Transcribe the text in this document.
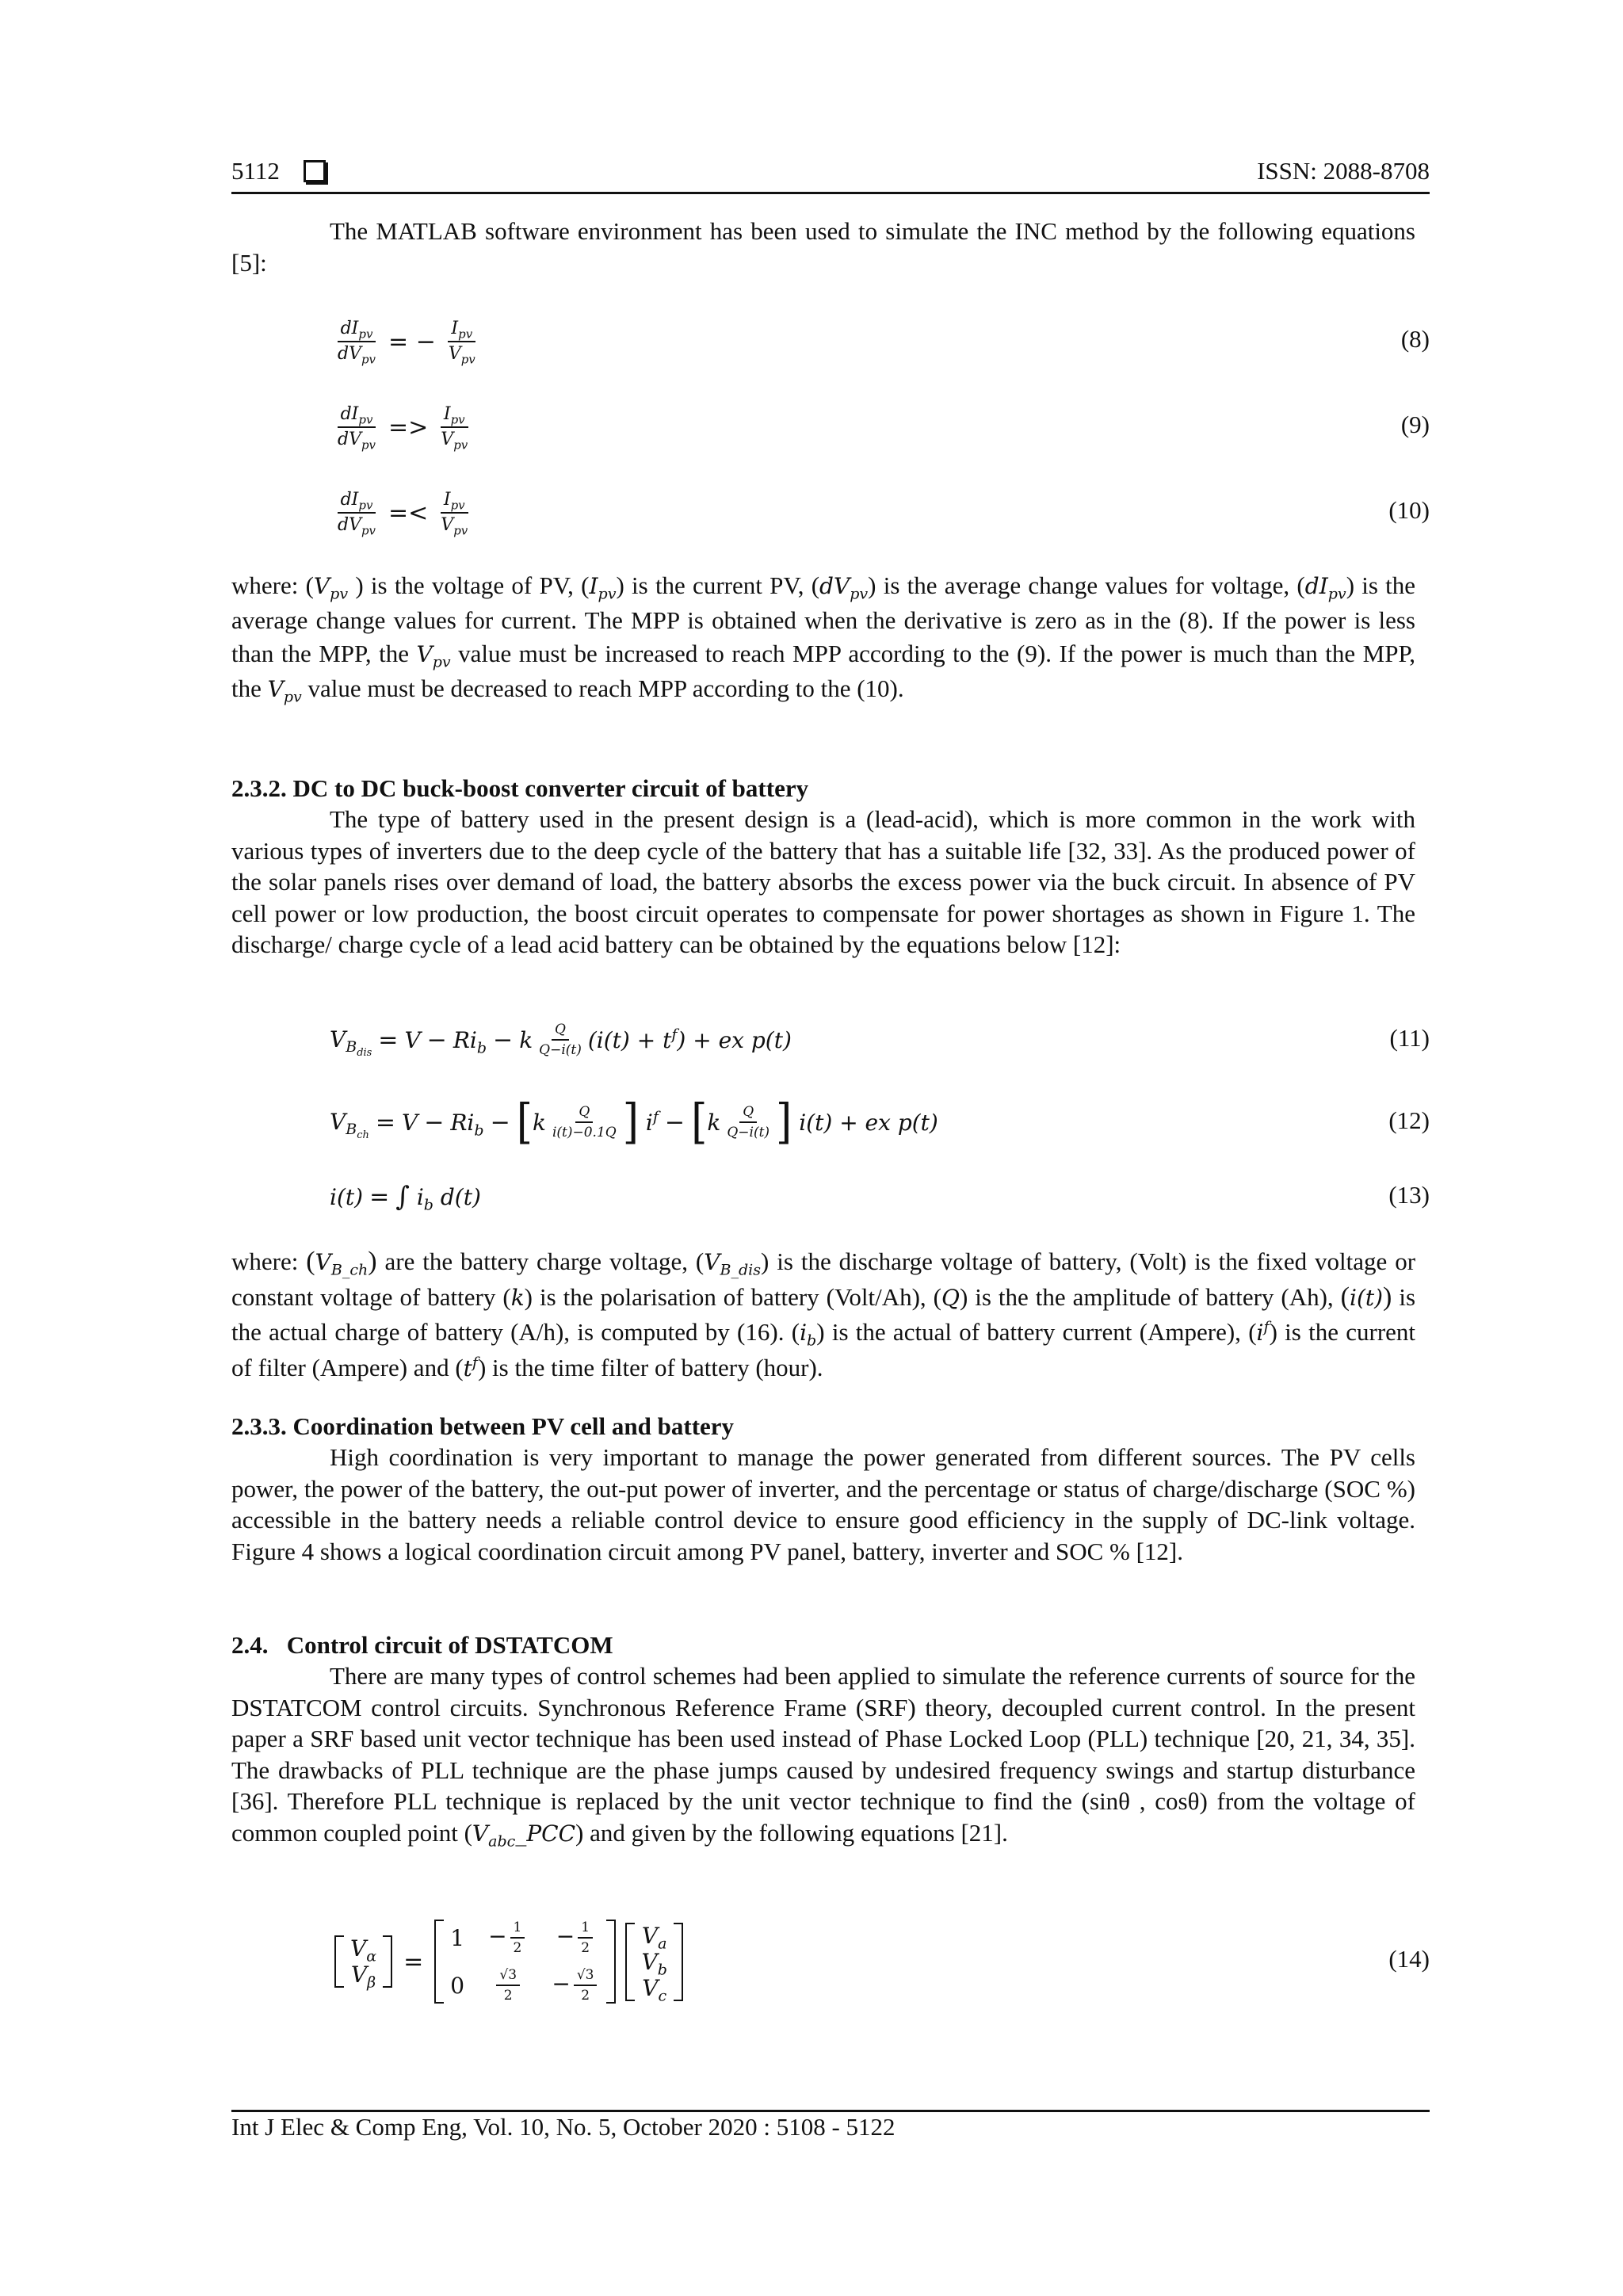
5112	ISSN: 2088-8708

The MATLAB software environment has been used to simulate the INC method by the following equations [5]:

$\frac{dI_{pv}}{dV_{pv}}$ = − $\frac{I_{pv}}{V_{pv}}$	(8)
$\frac{dI_{pv}}{dV_{pv}} => \frac{I_{pv}}{V_{pv}}$	(9)
$\frac{dI_{pv}}{dV_{pv}} =< \frac{I_{pv}}{V_{pv}}$	(10)

where: ($V_{pv}$ ) is the voltage of PV, $(I_{pv})$ is the current PV, $(dV_{pv})$ is the average change values for voltage, $(dI_{pv})$ is the average change values for current. The MPP is obtained when the derivative is zero as in the (8). If the power is less than the MPP, the $V_{pv}$ value must be increased to reach MPP according to the (9). If the power is much than the MPP, the $V_{pv}$ value must be decreased to reach MPP according to the (10).

2.3.2. DC to DC buck-boost converter circuit of battery

The type of battery used in the present design is a (lead-acid), which is more common in the work with various types of inverters due to the deep cycle of the battery that has a suitable life [32, 33]. As the produced power of the solar panels rises over demand of load, the battery absorbs the excess power via the buck circuit. In absence of PV cell power or low production, the boost circuit operates to compensate for power shortages as shown in Figure 1. The discharge/ charge cycle of a lead acid battery can be obtained by the equations below [12]:

$V_{B_{dis}} = V - Ri_b - k \frac{Q}{Q-i(t)} (i(t) + t^f)$ + ex p(t)	(11)
$V_{B_{ch}} = V - Ri_b$ − [ k $\frac{Q}{i(t)-0.1Q}$ ] $i^f$ − [ k $\frac{Q}{Q-i(t)}$ ] i(t) + ex p(t)	(12)
i(t) = ∫ $i_b$ d(t)	(13)

where: $(V_{B\_ch})$ are the battery charge voltage, $(V_{B\_dis})$ is the discharge voltage of battery, (Volt) is the fixed voltage or constant voltage of battery (k) is the polarisation of battery (Volt/Ah), (Q) is the the amplitude of battery (Ah), (i(t)) is the actual charge of battery (A/h), is computed by (16). $(i_b)$ is the actual of battery current (Ampere), $(i^f)$ is the current of filter (Ampere) and $(t^f)$ is the time filter of battery (hour).

2.3.3. Coordination between PV cell and battery

High coordination is very important to manage the power generated from different sources. The PV cells power, the power of the battery, the out-put power of inverter, and the percentage or status of charge/discharge (SOC %) accessible in the battery needs a reliable control device to ensure good efficiency in the supply of DC-link voltage. Figure 4 shows a logical coordination circuit among PV panel, battery, inverter and SOC % [12].

2.4.   Control circuit of DSTATCOM

There are many types of control schemes had been applied to simulate the reference currents of source for the DSTATCOM control circuits. Synchronous Reference Frame (SRF) theory, decoupled current control. In the present paper a SRF based unit vector technique has been used instead of Phase Locked Loop (PLL) technique [20, 21, 34, 35]. The drawbacks of PLL technique are the phase jumps caused by undesired frequency swings and startup disturbance [36]. Therefore PLL technique is replaced by the unit vector technique to find the (sinθ , cosθ) from the voltage of common coupled point $(V_{abc}\_PCC)$ and given by the following equations [21].

$V_\alpha$
$V_\beta$
=
$1 - \frac{1}{2} - \frac{1}{2}$
$0 \frac{√3}{2} - \frac{√3}{2}$
$V_a$
$V_b$
$V_c$
(14)
Int J Elec & Comp Eng, Vol. 10, No. 5, October 2020 : 5108 - 5122
